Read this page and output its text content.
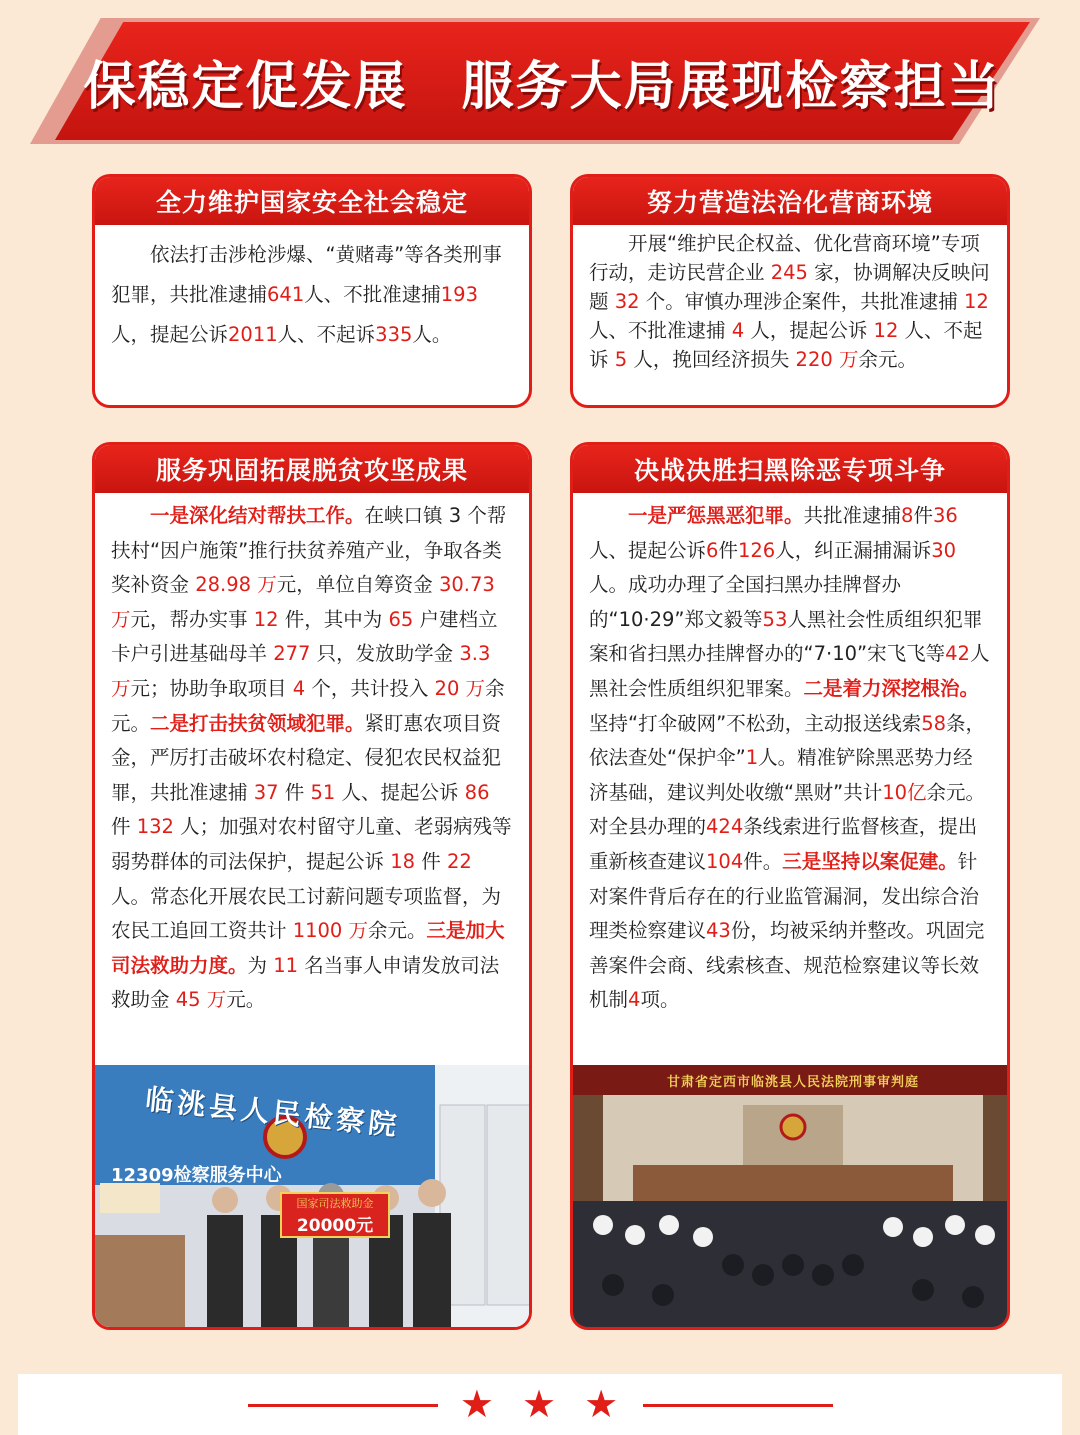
保稳定促发展　服务大局展现检察担当
全力维护国家安全社会稳定

依法打击涉枪涉爆、“黄赌毒”等各类刑事犯罪，共批准逮捕641人、不批准逮捕193人，提起公诉2011人、不起诉335人。

努力营造法治化营商环境

开展“维护民企权益、优化营商环境”专项行动，走访民营企业 245 家，协调解决反映问题 32 个。审慎办理涉企案件，共批准逮捕 12 人、不批准逮捕 4 人，提起公诉 12 人、不起诉 5 人，挽回经济损失 220 万余元。

服务巩固拓展脱贫攻坚成果

一是深化结对帮扶工作。在峡口镇 3 个帮扶村“因户施策”推行扶贫养殖产业，争取各类奖补资金 28.98 万元，单位自筹资金 30.73 万元，帮办实事 12 件，其中为 65 户建档立卡户引进基础母羊 277 只，发放助学金 3.3 万元；协助争取项目 4 个，共计投入 20 万余元。二是打击扶贫领域犯罪。紧盯惠农项目资金，严厉打击破坏农村稳定、侵犯农民权益犯罪，共批准逮捕 37 件 51 人、提起公诉 86 件 132 人；加强对农村留守儿童、老弱病残等弱势群体的司法保护，提起公诉 18 件 22 人。常态化开展农民工讨薪问题专项监督，为农民工追回工资共计 1100 万余元。三是加大司法救助力度。为 11 名当事人申请发放司法救助金 45 万元。

临洮县人民检察院
12309检察服务中心
国家司法救助金
20000元
决战决胜扫黑除恶专项斗争

一是严惩黑恶犯罪。共批准逮捕8件36人、提起公诉6件126人，纠正漏捕漏诉30人。成功办理了全国扫黑办挂牌督办的“10·29”郑文毅等53人黑社会性质组织犯罪案和省扫黑办挂牌督办的“7·10”宋飞飞等42人黑社会性质组织犯罪案。二是着力深挖根治。坚持“打伞破网”不松劲，主动报送线索58条，依法查处“保护伞”1人。精准铲除黑恶势力经济基础，建议判处收缴“黑财”共计10亿余元。对全县办理的424条线索进行监督核查，提出重新核查建议104件。三是坚持以案促建。针对案件背后存在的行业监管漏洞，发出综合治理类检察建议43份，均被采纳并整改。巩固完善案件会商、线索核查、规范检察建议等长效机制4项。

甘肃省定西市临洮县人民法院刑事审判庭
★ ★ ★
